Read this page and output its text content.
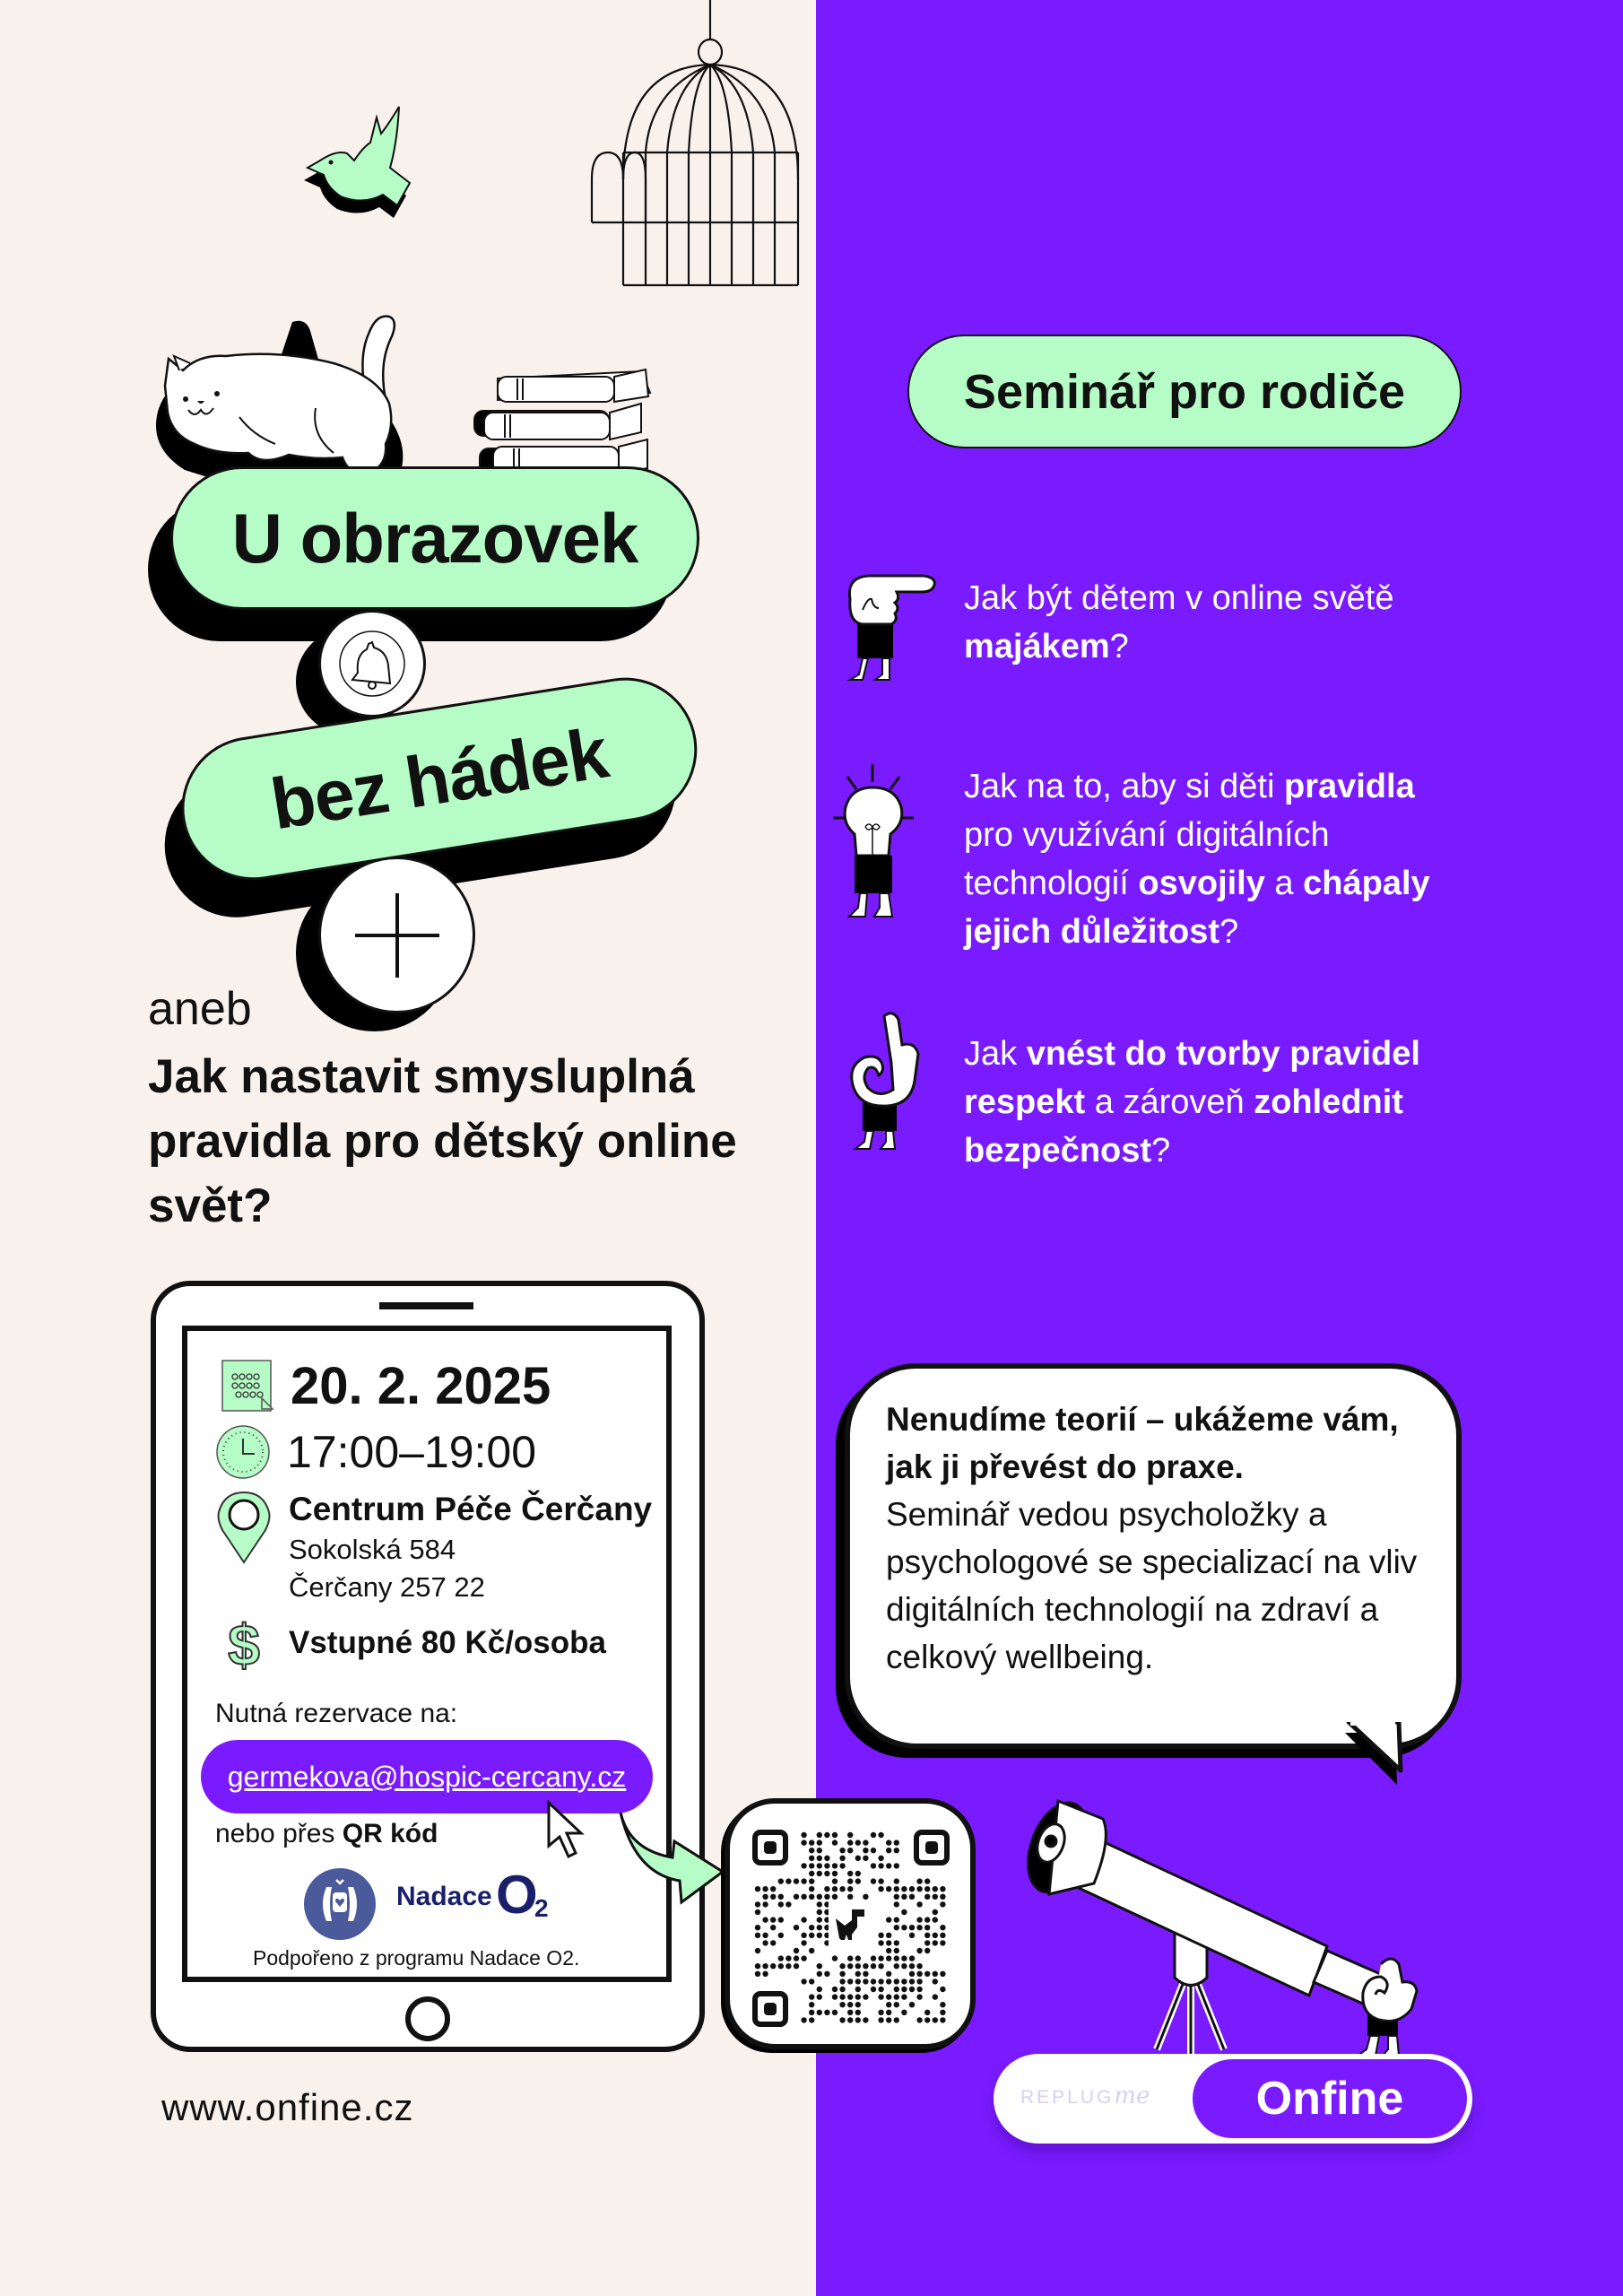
U obrazovek
bez hádek
aneb
Jak nastavit smysluplná pravidla pro dětský online svět?
20. 2. 2025
17:00–19:00
Centrum Péče Čerčany
Sokolská 584
Čerčany 257 22
$ Vstupné 80 Kč/osoba
Nutná rezervace na:
germekova@hospic-cercany.cz
nebo přes QR kód
Nadace O
2
Podpořeno z programu Nadace O2.
Seminář pro rodiče
Jak být dětem v online světě majákem?
Jak na to, aby si děti pravidla pro využívání digitálních technologií osvojily a chápaly jejich důležitost?
Jak vnést do tvorby pravidel respekt a zároveň zohlednit bezpečnost?
Nenudíme teorií – ukážeme vám, jak ji převést do praxe.
Seminář vedou psycholožky a psychologové se specializací na vliv digitálních technologií na zdraví a celkový wellbeing.
REPLUGme	Onfine
www.onfine.cz
